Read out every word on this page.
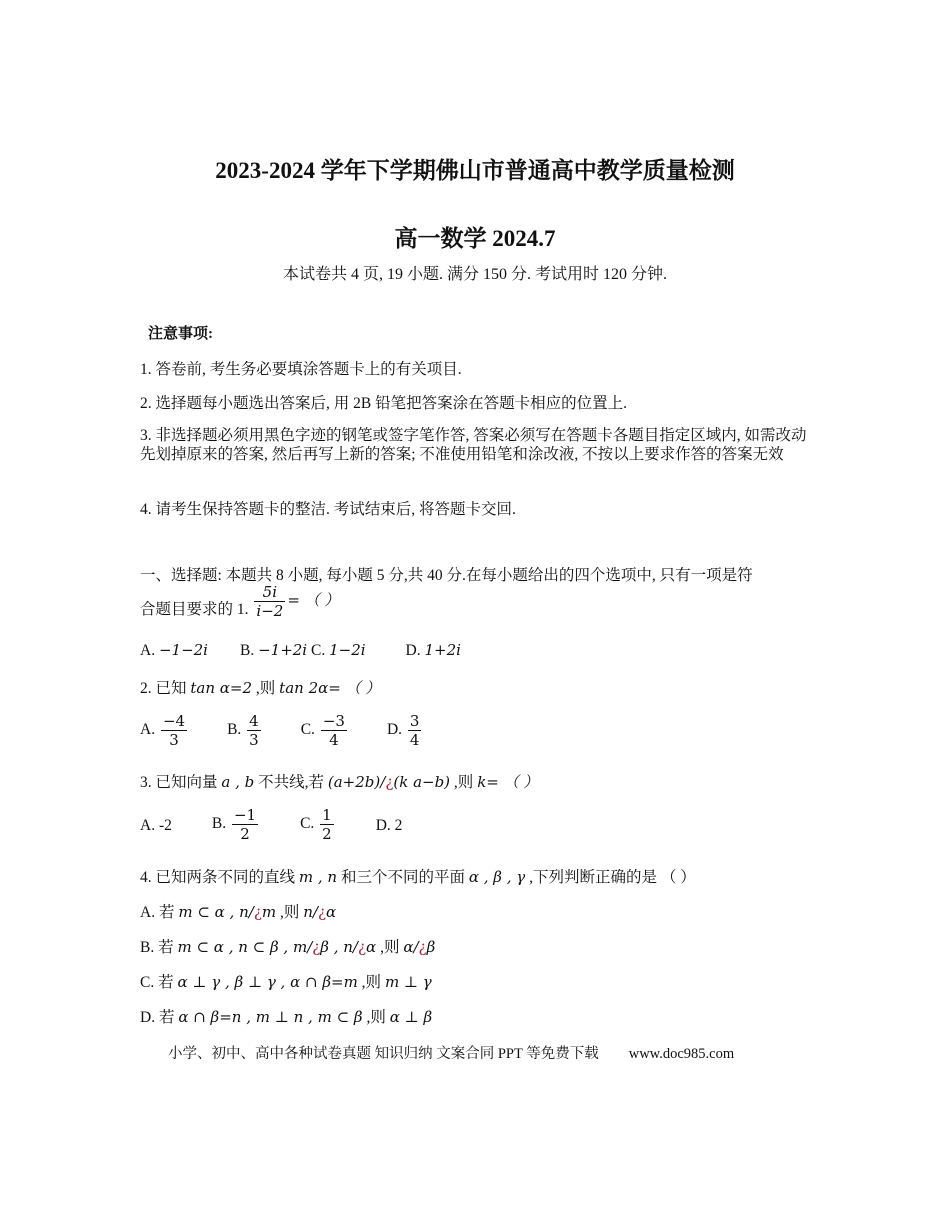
2023-2024 学年下学期佛山市普通高中教学质量检测
高一数学 2024.7
本试卷共 4 页, 19 小题. 满分 150 分. 考试用时 120 分钟.
注意事项:
1. 答卷前, 考生务必要填涂答题卡上的有关项目.
2. 选择题每小题选出答案后, 用 2B 铅笔把答案涂在答题卡相应的位置上.
3. 非选择题必须用黑色字迹的钢笔或签字笔作答, 答案必须写在答题卡各题目指定区域内, 如需改动先划掉原来的答案, 然后再写上新的答案; 不准使用铅笔和涂改液, 不按以上要求作答的答案无效
4. 请考生保持答题卡的整洁. 考试结束后, 将答题卡交回.
一、选择题: 本题共 8 小题, 每小题 5 分,共 40 分.在每小题给出的四个选项中, 只有一项是符
合题目要求的 1. $\frac{5i}{i-2}$ = （ ）
A. −1−2i B. −1+2i C. 1−2i	D. 1+2i
2. 已知 tan α=2 ,则 tan 2α= （ ）
A. $\frac{-4}{3}$	B. $\frac{4}{3}$	C. $\frac{-3}{4}$	D. $\frac{3}{4}$
3. 已知向量 a , b 不共线,若 (a+2b)/¿(k a−b) ,则 k= （ ）
A. -2	B. $\frac{-1}{2}$	C. $\frac{1}{2}$	D. 2
4. 已知两条不同的直线 m , n 和三个不同的平面 α , β , γ ,下列判断正确的是 （ ）
A. 若 m ⊂ α , n/¿m ,则 n/¿α
B. 若 m ⊂ α , n ⊂ β , m/¿β , n/¿α ,则 α/¿β
C. 若 α ⊥ γ , β ⊥ γ , α ∩ β=m ,则 m ⊥ γ
D. 若 α ∩ β=n , m ⊥ n , m ⊂ β ,则 α ⊥ β
小学、初中、高中各种试卷真题 知识归纳 文案合同 PPT 等免费下载 www.doc985.com
